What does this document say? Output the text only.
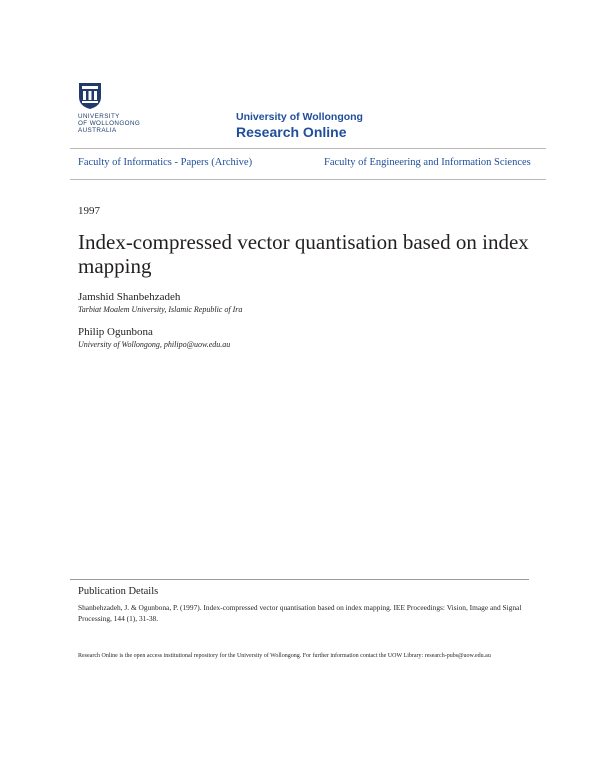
UNIVERSITY
OF WOLLONGONG
AUSTRALIA
University of Wollongong
Research Online
Faculty of Informatics - Papers (Archive)	Faculty of Engineering and Information Sciences
1997
Index-compressed vector quantisation based on index mapping
Jamshid Shanbehzadeh
Tarbiat Moalem University, Islamic Republic of Ira
Philip Ogunbona
University of Wollongong, philipo@uow.edu.au
Publication Details
Shanbehzadeh, J. & Ogunbona, P. (1997). Index-compressed vector quantisation based on index mapping. IEE Proceedings: Vision, Image and Signal Processing, 144 (1), 31-38.
Research Online is the open access institutional repository for the University of Wollongong. For further information contact the UOW Library: research-pubs@uow.edu.au
